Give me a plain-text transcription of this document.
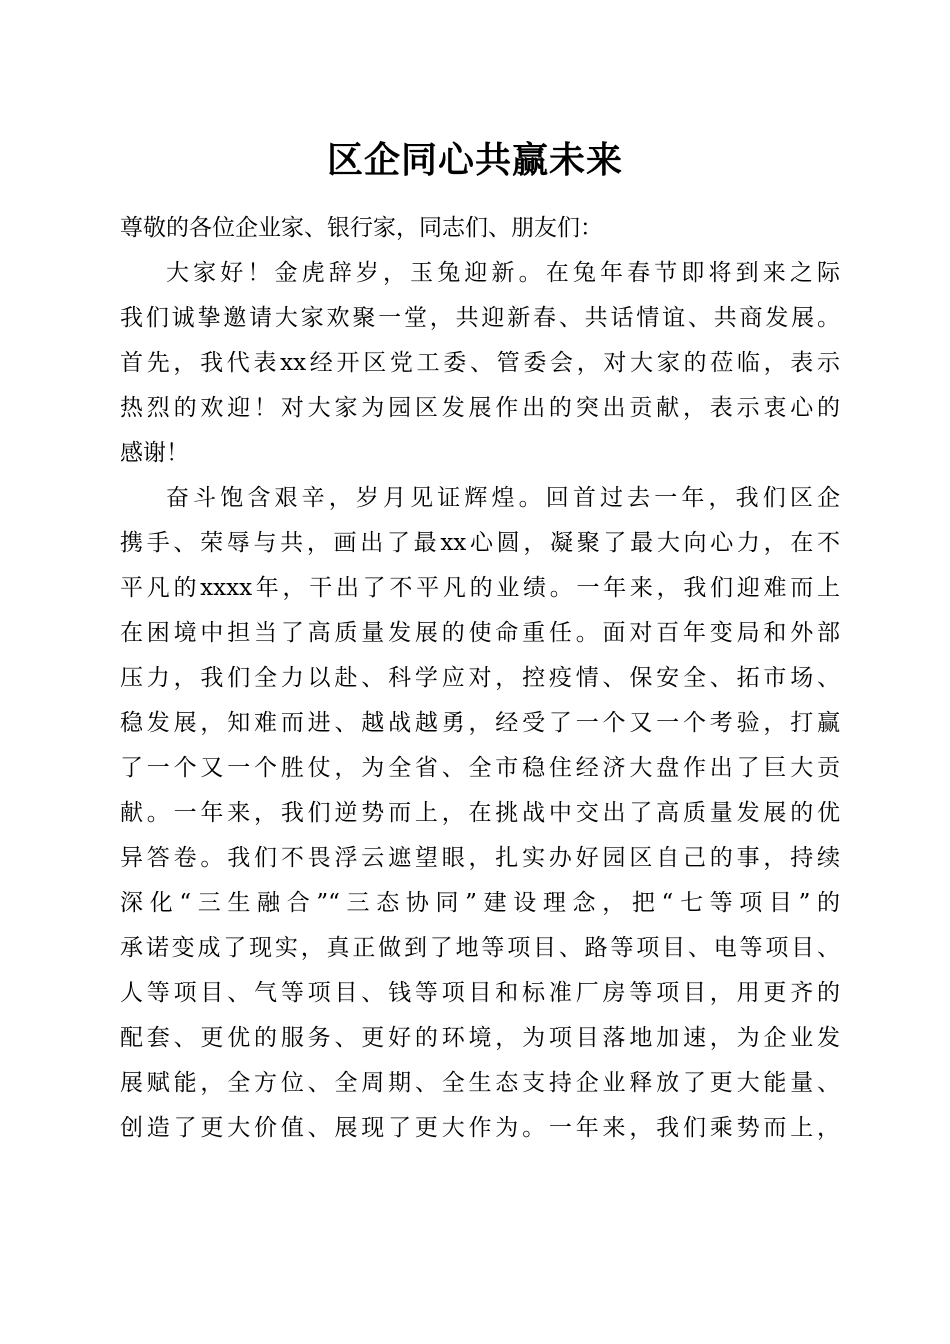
区企同心共赢未来
尊敬的各位企业家、银行家，同志们、朋友们：
大家好！金虎辞岁，玉兔迎新。在兔年春节即将到来之际
我们诚挚邀请大家欢聚一堂，共迎新春、共话情谊、共商发展。
首先，我代表xx经开区党工委、管委会，对大家的莅临，表示
热烈的欢迎！对大家为园区发展作出的突出贡献，表示衷心的
感谢！
奋斗饱含艰辛，岁月见证辉煌。回首过去一年，我们区企
携手、荣辱与共，画出了最xx心圆，凝聚了最大向心力，在不
平凡的xxxx年，干出了不平凡的业绩。一年来，我们迎难而上
在困境中担当了高质量发展的使命重任。面对百年变局和外部
压力，我们全力以赴、科学应对，控疫情、保安全、拓市场、
稳发展，知难而进、越战越勇，经受了一个又一个考验，打赢
了一个又一个胜仗，为全省、全市稳住经济大盘作出了巨大贡
献。一年来，我们逆势而上，在挑战中交出了高质量发展的优
异答卷。我们不畏浮云遮望眼，扎实办好园区自己的事，持续
深化“三生融合”“三态协同”建设理念，把“七等项目”的
承诺变成了现实，真正做到了地等项目、路等项目、电等项目、
人等项目、气等项目、钱等项目和标准厂房等项目，用更齐的
配套、更优的服务、更好的环境，为项目落地加速，为企业发
展赋能，全方位、全周期、全生态支持企业释放了更大能量、
创造了更大价值、展现了更大作为。一年来，我们乘势而上，
